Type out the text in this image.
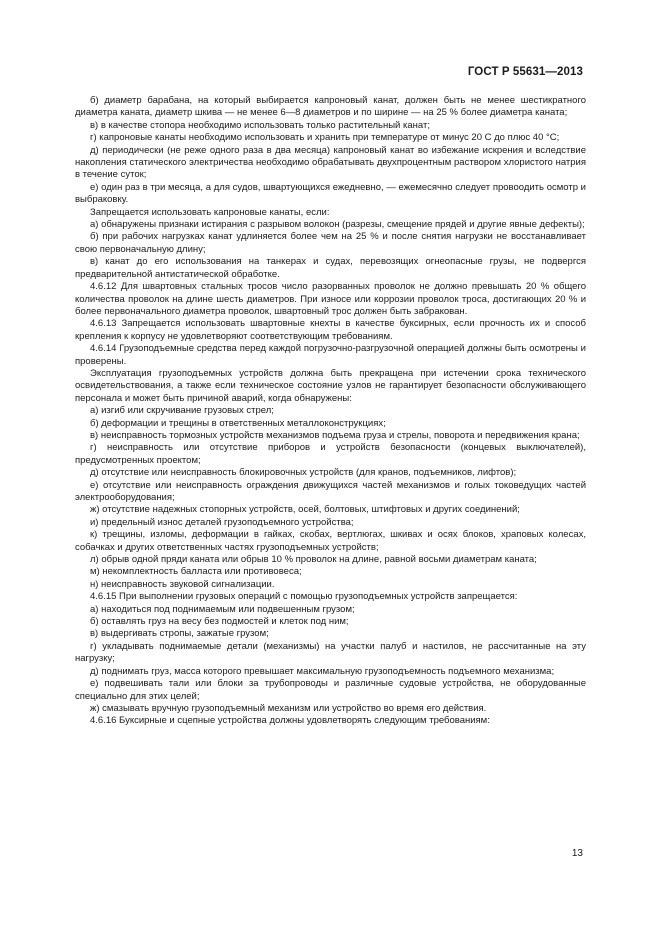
ГОСТ Р 55631—2013

б) диаметр барабана, на который выбирается капроновый канат, должен быть не менее шестикратного диаметра каната, диаметр шкива — не менее 6—8 диаметров и по ширине — на 25 % более диаметра каната;

в) в качестве стопора необходимо использовать только растительный канат;

г) капроновые канаты необходимо использовать и хранить при температуре от минус 20 С до плюс 40 °С;

д) периодически (не реже одного раза в два месяца) капроновый канат во избежание искрения и вследствие накопления статического электричества необходимо обрабатывать двухпроцентным раствором хлористого натрия в течение суток;

е) один раз в три месяца, а для судов, швартующихся ежедневно, — ежемесячно следует провоодить осмотр и выбраковку.

Запрещается использовать капроновые канаты, если:

а) обнаружены признаки истирания с разрывом волокон (разрезы, смещение прядей и другие явные дефекты);

б) при рабочих нагрузках канат удлиняется более чем на 25 % и после снятия нагрузки не восстанавливает свою первоначальную длину;

в) канат до его использования на танкерах и судах, перевозящих огнеопасные грузы, не подвергся предварительной антистатической обработке.

4.6.12 Для швартовных стальных тросов число разорванных проволок не должно превышать 20 % общего количества проволок на длине шесть диаметров. При износе или коррозии проволок троса, достигающих 20 % и более первоначального диаметра проволок, швартовный трос должен быть забракован.

4.6.13 Запрещается использовать швартовные кнехты в качестве буксирных, если прочность их и способ крепления к корпусу не удовлетворяют соответствующим требованиям.

4.6.14 Грузоподъемные средства перед каждой погрузочно-разгрузочной операцией должны быть осмотрены и проверены.

Эксплуатация грузоподъемных устройств должна быть прекращена при истечении срока технического освидетельствования, а также если техническое состояние узлов не гарантирует безопасности обслуживающего персонала и может быть причиной аварий, когда обнаружены:

а) изгиб или скручивание грузовых стрел;

б) деформации и трещины в ответственных металлоконструкциях;

в) неисправность тормозных устройств механизмов подъема груза и стрелы, поворота и передвижения крана;

г) неисправность или отсутствие приборов и устройств безопасности (концевых выключателей), предусмотренных проектом;

д) отсутствие или неисправность блокировочных устройств (для кранов, подъемников, лифтов);

е) отсутствие или неисправность ограждения движущихся частей механизмов и голых токоведущих частей электрооборудования;

ж) отсутствие надежных стопорных устройств, осей, болтовых, штифтовых и других соединений;

и) предельный износ деталей грузоподъемного устройства;

к) трещины, изломы, деформации в гайках, скобах, вертлюгах, шкивах и осях блоков, храповых колесах, собачках и других ответственных частях грузоподъемных устройств;

л) обрыв одной пряди каната или обрыв 10 % проволок на длине, равной восьми диаметрам каната;

м) некомплектность балласта или противовеса;

н) неисправность звуковой сигнализации.

4.6.15 При выполнении грузовых операций с помощью грузоподъемных устройств запрещается:

а) находиться под поднимаемым или подвешенным грузом;

б) оставлять груз на весу без подмостей и клеток под ним;

в) выдергивать стропы, зажатые грузом;

г) укладывать поднимаемые детали (механизмы) на участки палуб и настилов, не рассчитанные на эту нагрузку;

д) поднимать груз, масса которого превышает максимальную грузоподъемность подъемного механизма;

е) подвешивать тали или блоки за трубопроводы и различные судовые устройства, не оборудованные специально для этих целей;

ж) смазывать вручную грузоподъемный механизм или устройство во время его действия.

4.6.16 Буксирные и сцепные устройства должны удовлетворять следующим требованиям:

13
